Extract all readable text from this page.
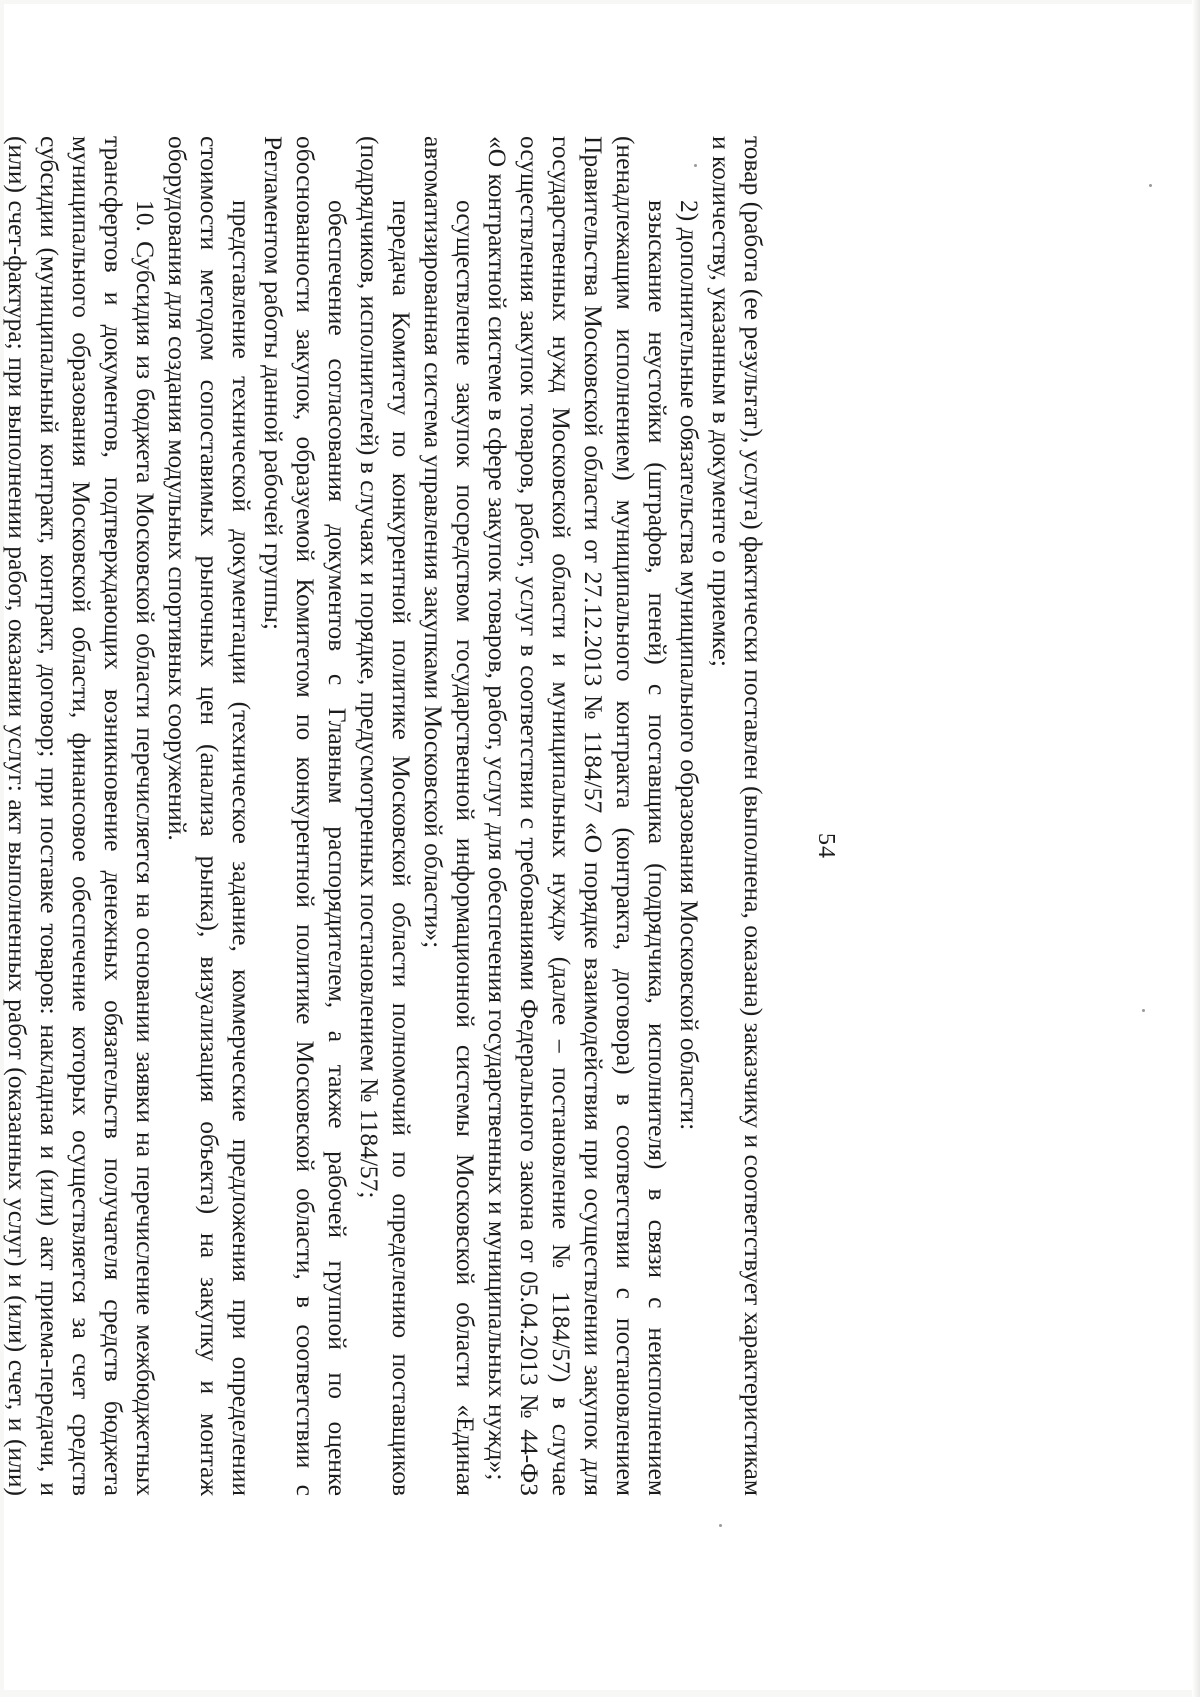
54

товар (работа (ее результат), услуга) фактически поставлен (выполнена, оказана) заказчику и соответствует характеристикам и количеству, указанным в документе о приемке;

2) дополнительные обязательства муниципального образования Московской области:

взыскание неустойки (штрафов, пеней) с поставщика (подрядчика, исполнителя) в связи с неисполнением (ненадлежащим исполнением) муниципального контракта (контракта, договора) в соответствии с постановлением Правительства Московской области от 27.12.2013 № 1184/57 «О порядке взаимодействия при осуществлении закупок для государственных нужд Московской области и муниципальных нужд» (далее – постановление № 1184/57) в случае осуществления закупок товаров, работ, услуг в соответствии с требованиями Федерального закона от 05.04.2013 № 44-ФЗ «О контрактной системе в сфере закупок товаров, работ, услуг для обеспечения государственных и муниципальных нужд»;

осуществление закупок посредством государственной информационной системы Московской области «Единая автоматизированная система управления закупками Московской области»;

передача Комитету по конкурентной политике Московской области полномочий по определению поставщиков (подрядчиков, исполнителей) в случаях и порядке, предусмотренных постановлением № 1184/57;

обеспечение согласования документов с Главным распорядителем, а также рабочей группой по оценке обоснованности закупок, образуемой Комитетом по конкурентной политике Московской области, в соответствии с Регламентом работы данной рабочей группы;

представление технической документации (техническое задание, коммерческие предложения при определении стоимости методом сопоставимых рыночных цен (анализа рынка), визуализация объекта) на закупку и монтаж оборудования для создания модульных спортивных сооружений.

10. Субсидия из бюджета Московской области перечисляется на основании заявки на перечисление межбюджетных трансфертов и документов, подтверждающих возникновение денежных обязательств получателя средств бюджета муниципального образования Московской области, финансовое обеспечение которых осуществляется за счет средств субсидии (муниципальный контракт, контракт, договор; при поставке товаров: накладная и (или) акт приема-передачи, и (или) счет-фактура; при выполнении работ, оказании услуг: акт выполненных работ (оказанных услуг) и (или) счет, и (или)
